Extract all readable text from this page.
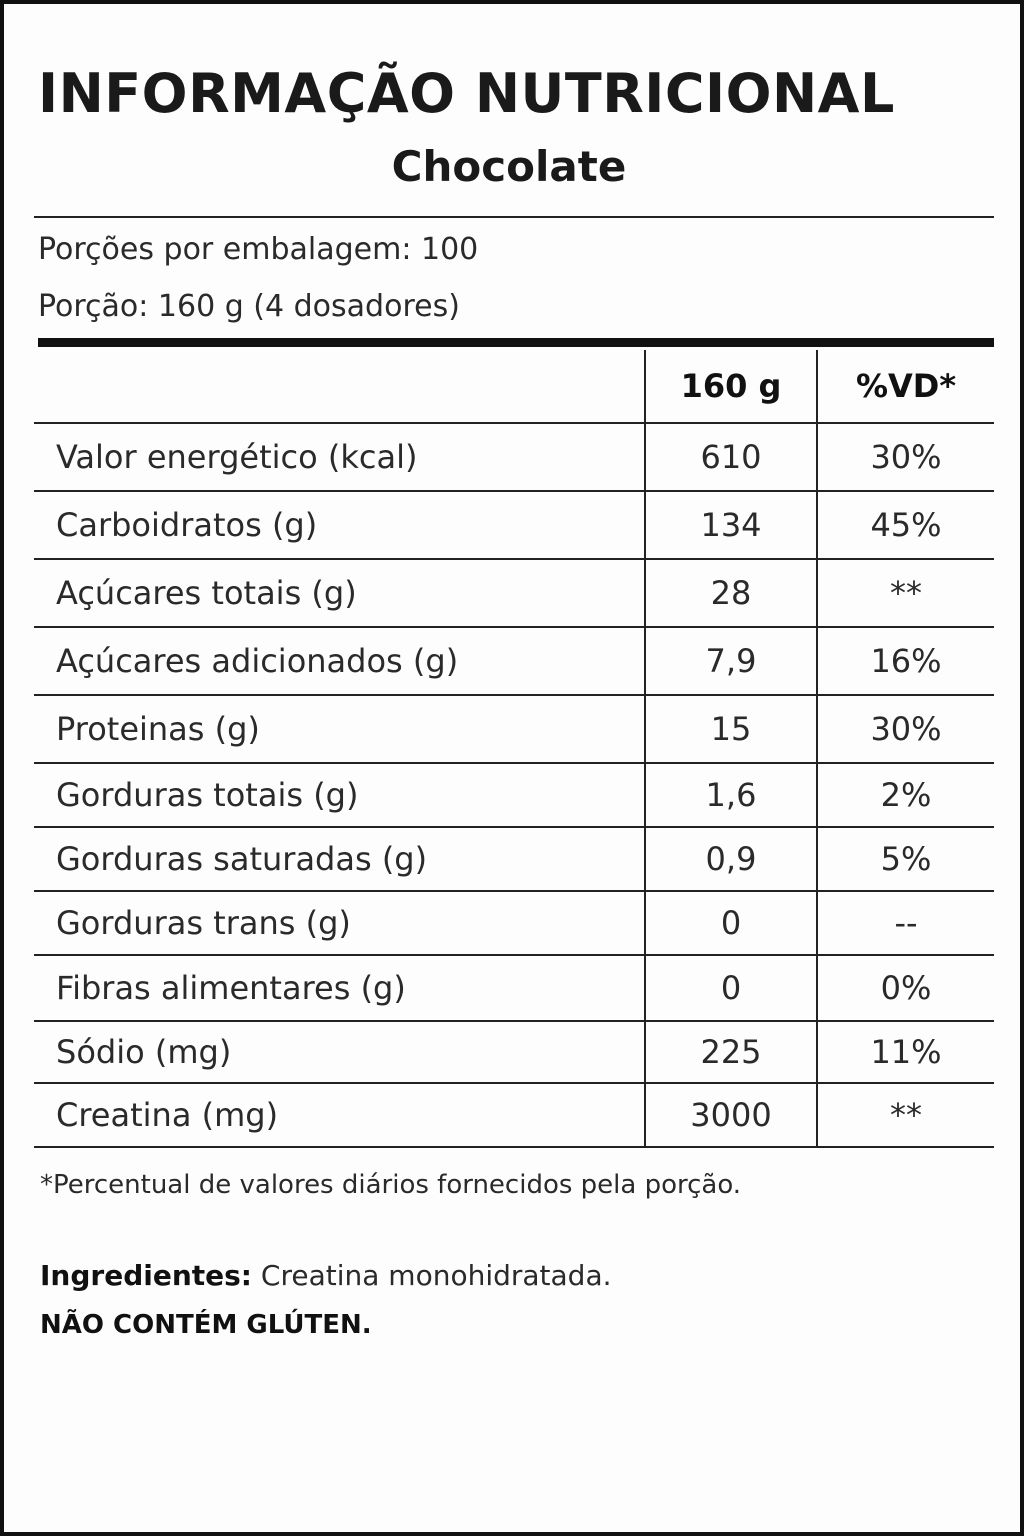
INFORMAÇÃO NUTRICIONAL
Chocolate
Porções por embalagem: 100
Porção: 160 g (4 dosadores)
	160 g	%VD*
Valor energético (kcal)	610	30%
Carboidratos (g)	134	45%
Açúcares totais (g)	28	**
Açúcares adicionados (g)	7,9	16%
Proteinas (g)	15	30%
Gorduras totais (g)	1,6	2%
Gorduras saturadas (g)	0,9	5%
Gorduras trans (g)	0	--
Fibras alimentares (g)	0	0%
Sódio (mg)	225	11%
Creatina (mg)	3000	**
*Percentual de valores diários fornecidos pela porção.
Ingredientes: Creatina monohidratada.
NÃO CONTÉM GLÚTEN.
